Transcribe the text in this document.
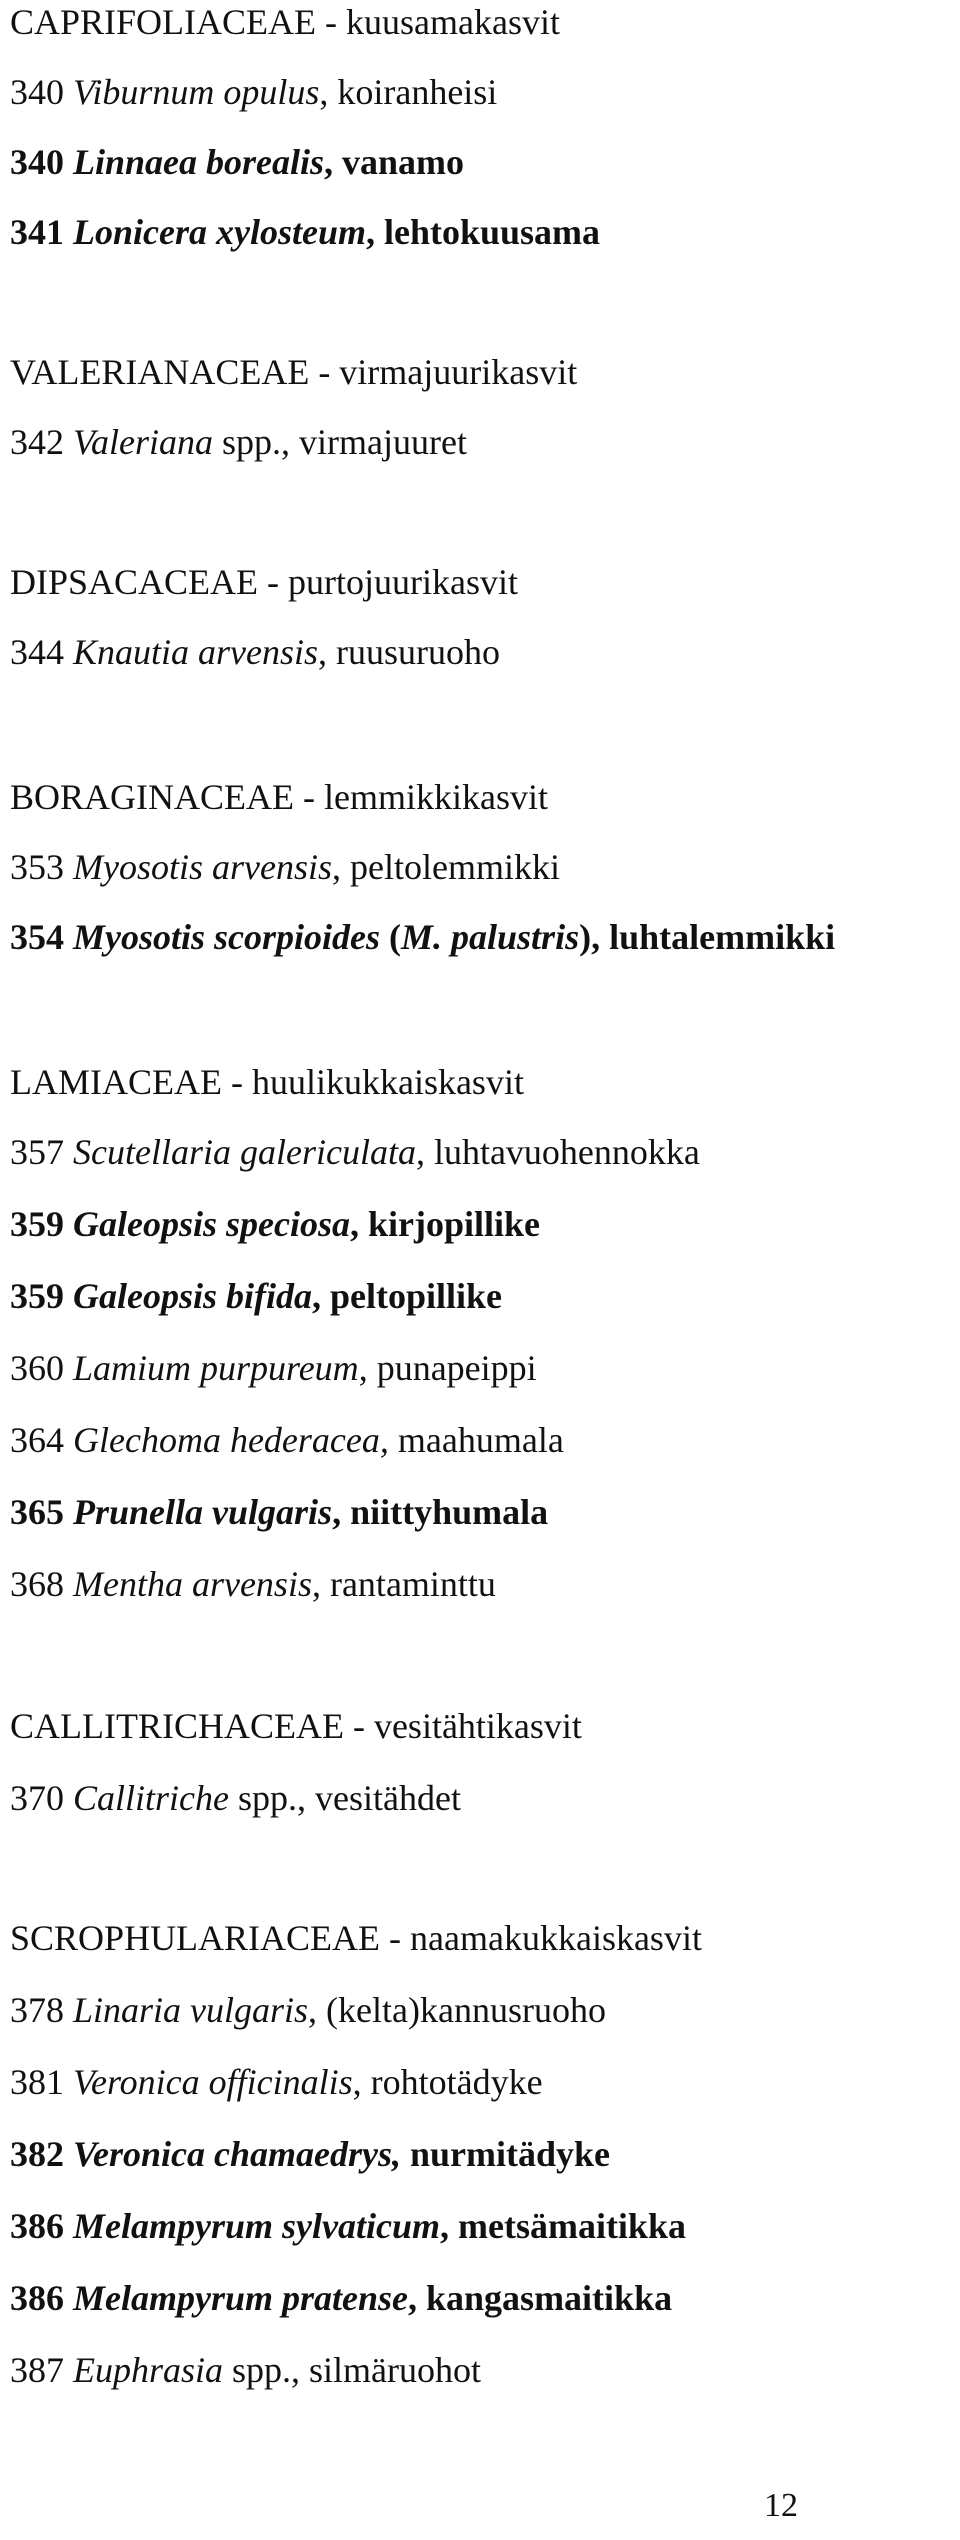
CAPRIFOLIACEAE - kuusamakasvit
340 Viburnum opulus, koiranheisi
340 Linnaea borealis, vanamo
341 Lonicera xylosteum, lehtokuusama
VALERIANACEAE - virmajuurikasvit
342 Valeriana spp., virmajuuret
DIPSACACEAE - purtojuurikasvit
344 Knautia arvensis, ruusuruoho
BORAGINACEAE - lemmikkikasvit
353 Myosotis arvensis, peltolemmikki
354 Myosotis scorpioides (M. palustris), luhtalemmikki
LAMIACEAE - huulikukkaiskasvit
357 Scutellaria galericulata, luhtavuohennokka
359 Galeopsis speciosa, kirjopillike
359 Galeopsis bifida, peltopillike
360 Lamium purpureum, punapeippi
364 Glechoma hederacea, maahumala
365 Prunella vulgaris, niittyhumala
368 Mentha arvensis, rantaminttu
CALLITRICHACEAE - vesitähtikasvit
370 Callitriche spp., vesitähdet
SCROPHULARIACEAE - naamakukkaiskasvit
378 Linaria vulgaris, (kelta)kannusruoho
381 Veronica officinalis, rohtotädyke
382 Veronica chamaedrys, nurmitädyke
386 Melampyrum sylvaticum, metsämaitikka
386 Melampyrum pratense, kangasmaitikka
387 Euphrasia spp., silmäruohot
12
